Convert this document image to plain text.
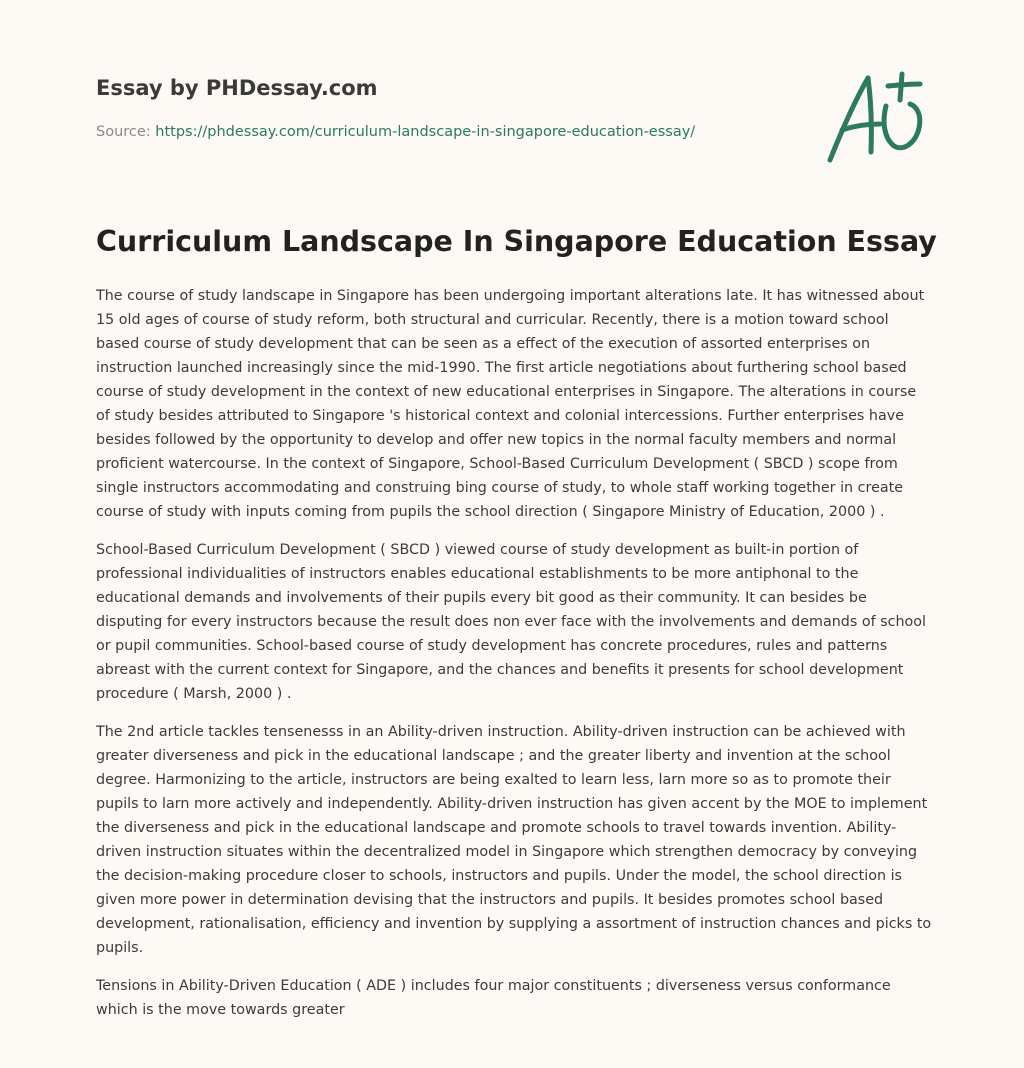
Essay by PHDessay.com
Source: https://phdessay.com/curriculum-landscape-in-singapore-education-essay/
Curriculum Landscape In Singapore Education Essay

The course of study landscape in Singapore has been undergoing important alterations late. It has witnessed about 15 old ages of course of study reform, both structural and curricular. Recently, there is a motion toward school based course of study development that can be seen as a effect of the execution of assorted enterprises on instruction launched increasingly since the mid-1990. The first article negotiations about furthering school based course of study development in the context of new educational enterprises in Singapore. The alterations in course of study besides attributed to Singapore 's historical context and colonial intercessions. Further enterprises have besides followed by the opportunity to develop and offer new topics in the normal faculty members and normal proficient watercourse. In the context of Singapore, School-Based Curriculum Development ( SBCD ) scope from single instructors accommodating and construing bing course of study, to whole staff working together in create course of study with inputs coming from pupils the school direction ( Singapore Ministry of Education, 2000 ) .

School-Based Curriculum Development ( SBCD ) viewed course of study development as built-in portion of professional individualities of instructors enables educational establishments to be more antiphonal to the educational demands and involvements of their pupils every bit good as their community. It can besides be disputing for every instructors because the result does non ever face with the involvements and demands of school or pupil communities. School-based course of study development has concrete procedures, rules and patterns abreast with the current context for Singapore, and the chances and benefits it presents for school development procedure ( Marsh, 2000 ) .

The 2nd article tackles tensenesss in an Ability-driven instruction. Ability-driven instruction can be achieved with greater diverseness and pick in the educational landscape ; and the greater liberty and invention at the school degree. Harmonizing to the article, instructors are being exalted to learn less, larn more so as to promote their pupils to larn more actively and independently. Ability-driven instruction has given accent by the MOE to implement the diverseness and pick in the educational landscape and promote schools to travel towards invention. Ability-driven instruction situates within the decentralized model in Singapore which strengthen democracy by conveying the decision-making procedure closer to schools, instructors and pupils. Under the model, the school direction is given more power in determination devising that the instructors and pupils. It besides promotes school based development, rationalisation, efficiency and invention by supplying a assortment of instruction chances and picks to pupils.

Tensions in Ability-Driven Education ( ADE ) includes four major constituents ; diverseness versus conformance which is the move towards greater
